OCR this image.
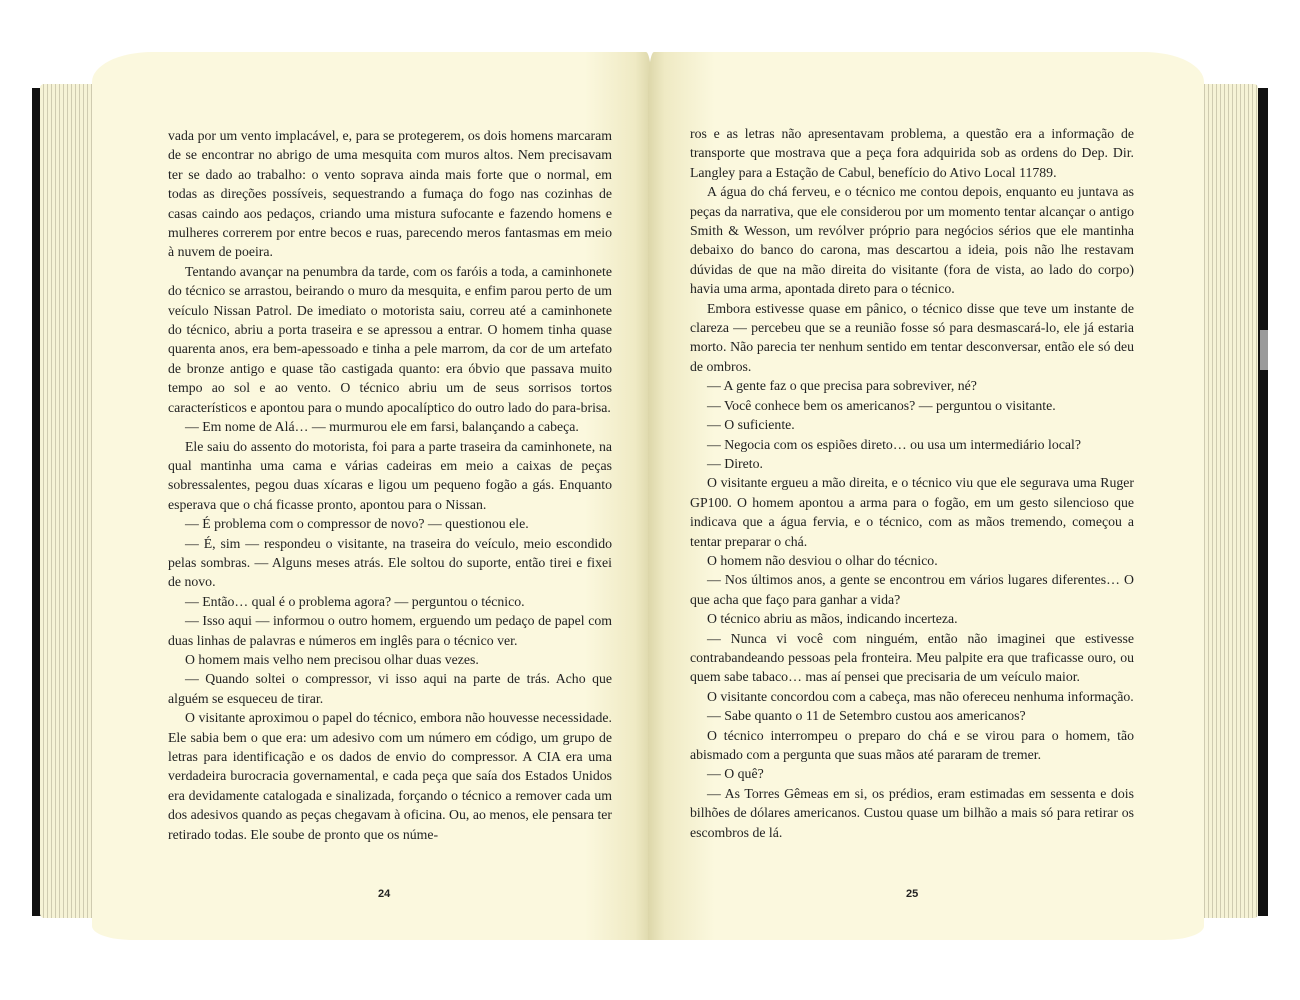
vada por um vento implacável, e, para se protegerem, os dois homens marcaram de se encontrar no abrigo de uma mesquita com muros altos. Nem precisavam ter se dado ao trabalho: o vento soprava ainda mais forte que o normal, em todas as direções possíveis, sequestrando a fumaça do fogo nas cozinhas de casas caindo aos pedaços, criando uma mistura sufocante e fazendo homens e mulheres correrem por entre becos e ruas, parecendo meros fantasmas em meio à nuvem de poeira.

Tentando avançar na penumbra da tarde, com os faróis a toda, a caminhonete do técnico se arrastou, beirando o muro da mesquita, e enfim parou perto de um veículo Nissan Patrol. De imediato o motorista saiu, correu até a caminhonete do técnico, abriu a porta traseira e se apressou a entrar. O homem tinha quase quarenta anos, era bem-apessoado e tinha a pele marrom, da cor de um artefato de bronze antigo e quase tão castigada quanto: era óbvio que passava muito tempo ao sol e ao vento. O técnico abriu um de seus sorrisos tortos característicos e apontou para o mundo apocalíptico do outro lado do para-brisa.

— Em nome de Alá… — murmurou ele em farsi, balançando a cabeça.

Ele saiu do assento do motorista, foi para a parte traseira da caminhonete, na qual mantinha uma cama e várias cadeiras em meio a caixas de peças sobressalentes, pegou duas xícaras e ligou um pequeno fogão a gás. Enquanto esperava que o chá ficasse pronto, apontou para o Nissan.

— É problema com o compressor de novo? — questionou ele.

— É, sim — respondeu o visitante, na traseira do veículo, meio escondido pelas sombras. — Alguns meses atrás. Ele soltou do suporte, então tirei e fixei de novo.

— Então… qual é o problema agora? — perguntou o técnico.

— Isso aqui — informou o outro homem, erguendo um pedaço de papel com duas linhas de palavras e números em inglês para o técnico ver.

O homem mais velho nem precisou olhar duas vezes.

— Quando soltei o compressor, vi isso aqui na parte de trás. Acho que alguém se esqueceu de tirar.

O visitante aproximou o papel do técnico, embora não houvesse necessidade. Ele sabia bem o que era: um adesivo com um número em código, um grupo de letras para identificação e os dados de envio do compressor. A CIA era uma verdadeira burocracia governamental, e cada peça que saía dos Estados Unidos era devidamente catalogada e sinalizada, forçando o técnico a remover cada um dos adesivos quando as peças chegavam à oficina. Ou, ao menos, ele pensara ter retirado todas. Ele soube de pronto que os núme-

24

ros e as letras não apresentavam problema, a questão era a informação de transporte que mostrava que a peça fora adquirida sob as ordens do Dep. Dir. Langley para a Estação de Cabul, benefício do Ativo Local 11789.

A água do chá ferveu, e o técnico me contou depois, enquanto eu juntava as peças da narrativa, que ele considerou por um momento tentar alcançar o antigo Smith & Wesson, um revólver próprio para negócios sérios que ele mantinha debaixo do banco do carona, mas descartou a ideia, pois não lhe restavam dúvidas de que na mão direita do visitante (fora de vista, ao lado do corpo) havia uma arma, apontada direto para o técnico.

Embora estivesse quase em pânico, o técnico disse que teve um instante de clareza — percebeu que se a reunião fosse só para desmascará-lo, ele já estaria morto. Não parecia ter nenhum sentido em tentar desconversar, então ele só deu de ombros.

— A gente faz o que precisa para sobreviver, né?

— Você conhece bem os americanos? — perguntou o visitante.

— O suficiente.

— Negocia com os espiões direto… ou usa um intermediário local?

— Direto.

O visitante ergueu a mão direita, e o técnico viu que ele segurava uma Ruger GP100. O homem apontou a arma para o fogão, em um gesto silencioso que indicava que a água fervia, e o técnico, com as mãos tremendo, começou a tentar preparar o chá.

O homem não desviou o olhar do técnico.

— Nos últimos anos, a gente se encontrou em vários lugares diferentes… O que acha que faço para ganhar a vida?

O técnico abriu as mãos, indicando incerteza.

— Nunca vi você com ninguém, então não imaginei que estivesse contrabandeando pessoas pela fronteira. Meu palpite era que traficasse ouro, ou quem sabe tabaco… mas aí pensei que precisaria de um veículo maior.

O visitante concordou com a cabeça, mas não ofereceu nenhuma informação.

— Sabe quanto o 11 de Setembro custou aos americanos?

O técnico interrompeu o preparo do chá e se virou para o homem, tão abismado com a pergunta que suas mãos até pararam de tremer.

— O quê?

— As Torres Gêmeas em si, os prédios, eram estimadas em sessenta e dois bilhões de dólares americanos. Custou quase um bilhão a mais só para retirar os escombros de lá.

25
